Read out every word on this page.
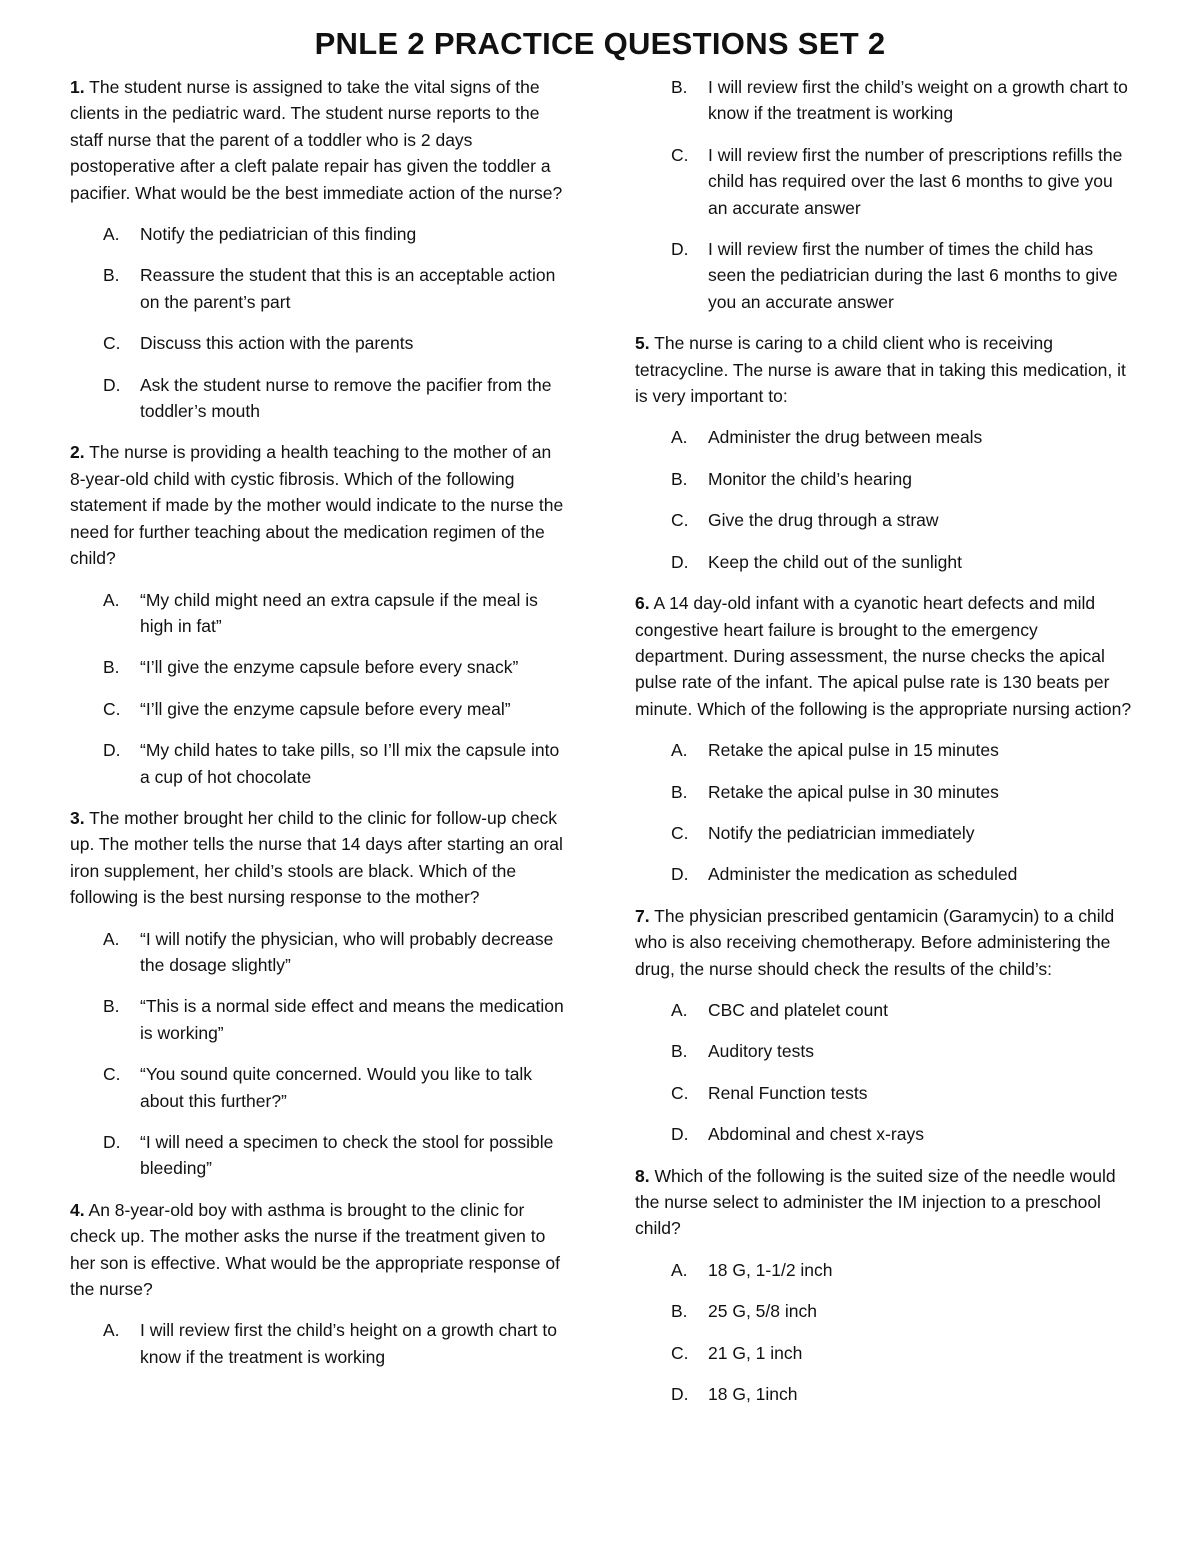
PNLE 2 PRACTICE QUESTIONS SET 2

1. The student nurse is assigned to take the vital signs of the clients in the pediatric ward. The student nurse reports to the staff nurse that the parent of a toddler who is 2 days postoperative after a cleft palate repair has given the toddler a pacifier. What would be the best immediate action of the nurse?

A.	Notify the pediatrician of this finding
B.	Reassure the student that this is an acceptable action on the parent’s part
C.	Discuss this action with the parents
D.	Ask the student nurse to remove the pacifier from the toddler’s mouth

2. The nurse is providing a health teaching to the mother of an 8-year-old child with cystic fibrosis. Which of the following statement if made by the mother would indicate to the nurse the need for further teaching about the medication regimen of the child?

A.	“My child might need an extra capsule if the meal is high in fat”
B.	“I’ll give the enzyme capsule before every snack”
C.	“I’ll give the enzyme capsule before every meal”
D.	“My child hates to take pills, so I’ll mix the capsule into a cup of hot chocolate

3. The mother brought her child to the clinic for follow-up check up. The mother tells the nurse that 14 days after starting an oral iron supplement, her child’s stools are black. Which of the following is the best nursing response to the mother?

A.	“I will notify the physician, who will probably decrease the dosage slightly”
B.	“This is a normal side effect and means the medication is working”
C.	“You sound quite concerned. Would you like to talk about this further?”
D.	“I will need a specimen to check the stool for possible bleeding”

4. An 8-year-old boy with asthma is brought to the clinic for check up. The mother asks the nurse if the treatment given to her son is effective. What would be the appropriate response of the nurse?

A.	I will review first the child’s height on a growth chart to know if the treatment is working
B.	I will review first the child’s weight on a growth chart to know if the treatment is working
C.	I will review first the number of prescriptions refills the child has required over the last 6 months to give you an accurate answer
D.	I will review first the number of times the child has seen the pediatrician during the last 6 months to give you an accurate answer

5. The nurse is caring to a child client who is receiving tetracycline. The nurse is aware that in taking this medication, it is very important to:

A.	Administer the drug between meals
B.	Monitor the child’s hearing
C.	Give the drug through a straw
D.	Keep the child out of the sunlight

6. A 14 day-old infant with a cyanotic heart defects and mild congestive heart failure is brought to the emergency department. During assessment, the nurse checks the apical pulse rate of the infant. The apical pulse rate is 130 beats per minute. Which of the following is the appropriate nursing action?

A.	Retake the apical pulse in 15 minutes
B.	Retake the apical pulse in 30 minutes
C.	Notify the pediatrician immediately
D.	Administer the medication as scheduled

7. The physician prescribed gentamicin (Garamycin) to a child who is also receiving chemotherapy. Before administering the drug, the nurse should check the results of the child’s:

A.	CBC and platelet count
B.	Auditory tests
C.	Renal Function tests
D.	Abdominal and chest x-rays

8. Which of the following is the suited size of the needle would the nurse select to administer the IM injection to a preschool child?

A.	18 G, 1-1/2 inch
B.	25 G, 5/8 inch
C.	21 G, 1 inch
D.	18 G, 1inch
